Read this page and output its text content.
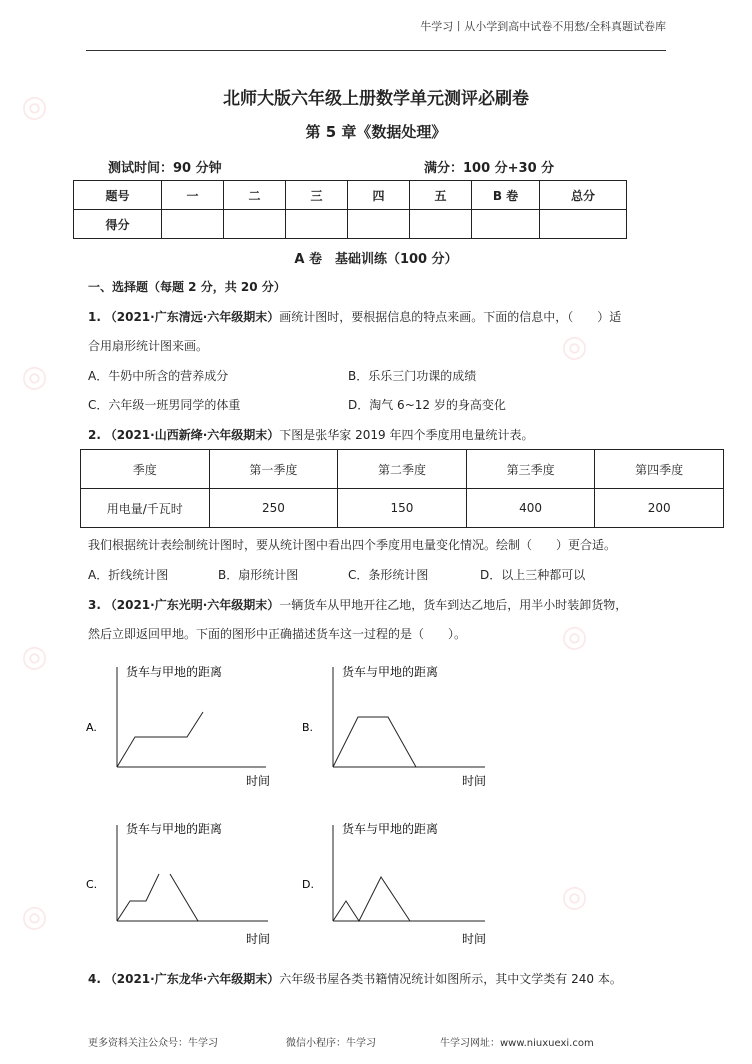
◎
◎
◎
◎
◎
◎
◎
牛学习丨从小学到高中试卷不用愁/全科真题试卷库
北师大版六年级上册数学单元测评必刷卷
第 5 章《数据处理》
测试时间：90 分钟	满分：100 分+30 分
题号	一	二	三	四	五	B 卷	总分
得分							
A 卷　基础训练（100 分）
一、选择题（每题 2 分，共 20 分）
1. （2021·广东清远·六年级期末）画统计图时，要根据信息的特点来画。下面的信息中，（　　）适
合用扇形统计图来画。
A．牛奶中所含的营养成分	B．乐乐三门功课的成绩
C．六年级一班男同学的体重	D．淘气 6~12 岁的身高变化
2. （2021·山西新绛·六年级期末）下图是张华家 2019 年四个季度用电量统计表。
季度	第一季度	第二季度	第三季度	第四季度
用电量/千瓦时	250	150	400	200
我们根据统计表绘制统计图时，要从统计图中看出四个季度用电量变化情况。绘制（　　）更合适。
A．折线统计图	B．扇形统计图	C．条形统计图	D．以上三种都可以
3. （2021·广东光明·六年级期末）一辆货车从甲地开往乙地，货车到达乙地后，用半小时装卸货物，
然后立即返回甲地。下面的图形中正确描述货车这一过程的是（　　）。
A.
货车与甲地的距离
时间
B.
货车与甲地的距离
时间
C.
货车与甲地的距离
时间
D.
货车与甲地的距离
时间
4. （2021·广东龙华·六年级期末）六年级书屋各类书籍情况统计如图所示，其中文学类有 240 本。
更多资料关注公众号：牛学习	微信小程序：牛学习	牛学习网址：www.niuxuexi.com
